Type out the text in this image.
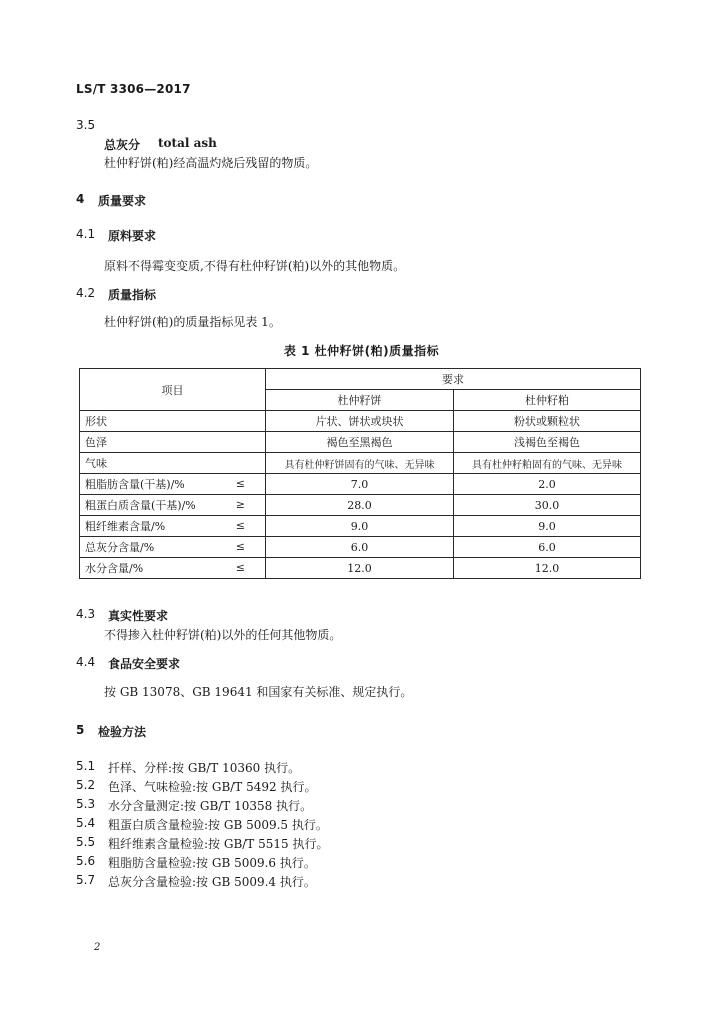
LS/T 3306—2017
3.5
总灰分 total ash
杜仲籽饼(粕)经高温灼烧后残留的物质。
4 质量要求
4.1 原料要求
原料不得霉变变质,不得有杜仲籽饼(粕)以外的其他物质。
4.2 质量指标
杜仲籽饼(粕)的质量指标见表 1。
表 1 杜仲籽饼(粕)质量指标
项目	要求	
	杜仲籽饼	杜仲籽粕
形状	片状、饼状或块状	粉状或颗粒状
色泽	褐色至黑褐色	浅褐色至褐色
气味	具有杜仲籽饼固有的气味、无异味	具有杜仲籽粕固有的气味、无异味
粗脂肪含量(干基)/% ≤	7.0	2.0
粗蛋白质含量(干基)/% ≥	28.0	30.0
粗纤维素含量/% ≤	9.0	9.0
总灰分含量/% ≤	6.0	6.0
水分含量/% ≤	12.0	12.0
4.3 真实性要求
不得掺入杜仲籽饼(粕)以外的任何其他物质。
4.4 食品安全要求
按 GB 13078、GB 19641 和国家有关标准、规定执行。
5 检验方法
5.1 扦样、分样:按 GB/T 10360 执行。
5.2 色泽、气味检验:按 GB/T 5492 执行。
5.3 水分含量测定:按 GB/T 10358 执行。
5.4 粗蛋白质含量检验:按 GB 5009.5 执行。
5.5 粗纤维素含量检验:按 GB/T 5515 执行。
5.6 粗脂肪含量检验:按 GB 5009.6 执行。
5.7 总灰分含量检验:按 GB 5009.4 执行。
2
